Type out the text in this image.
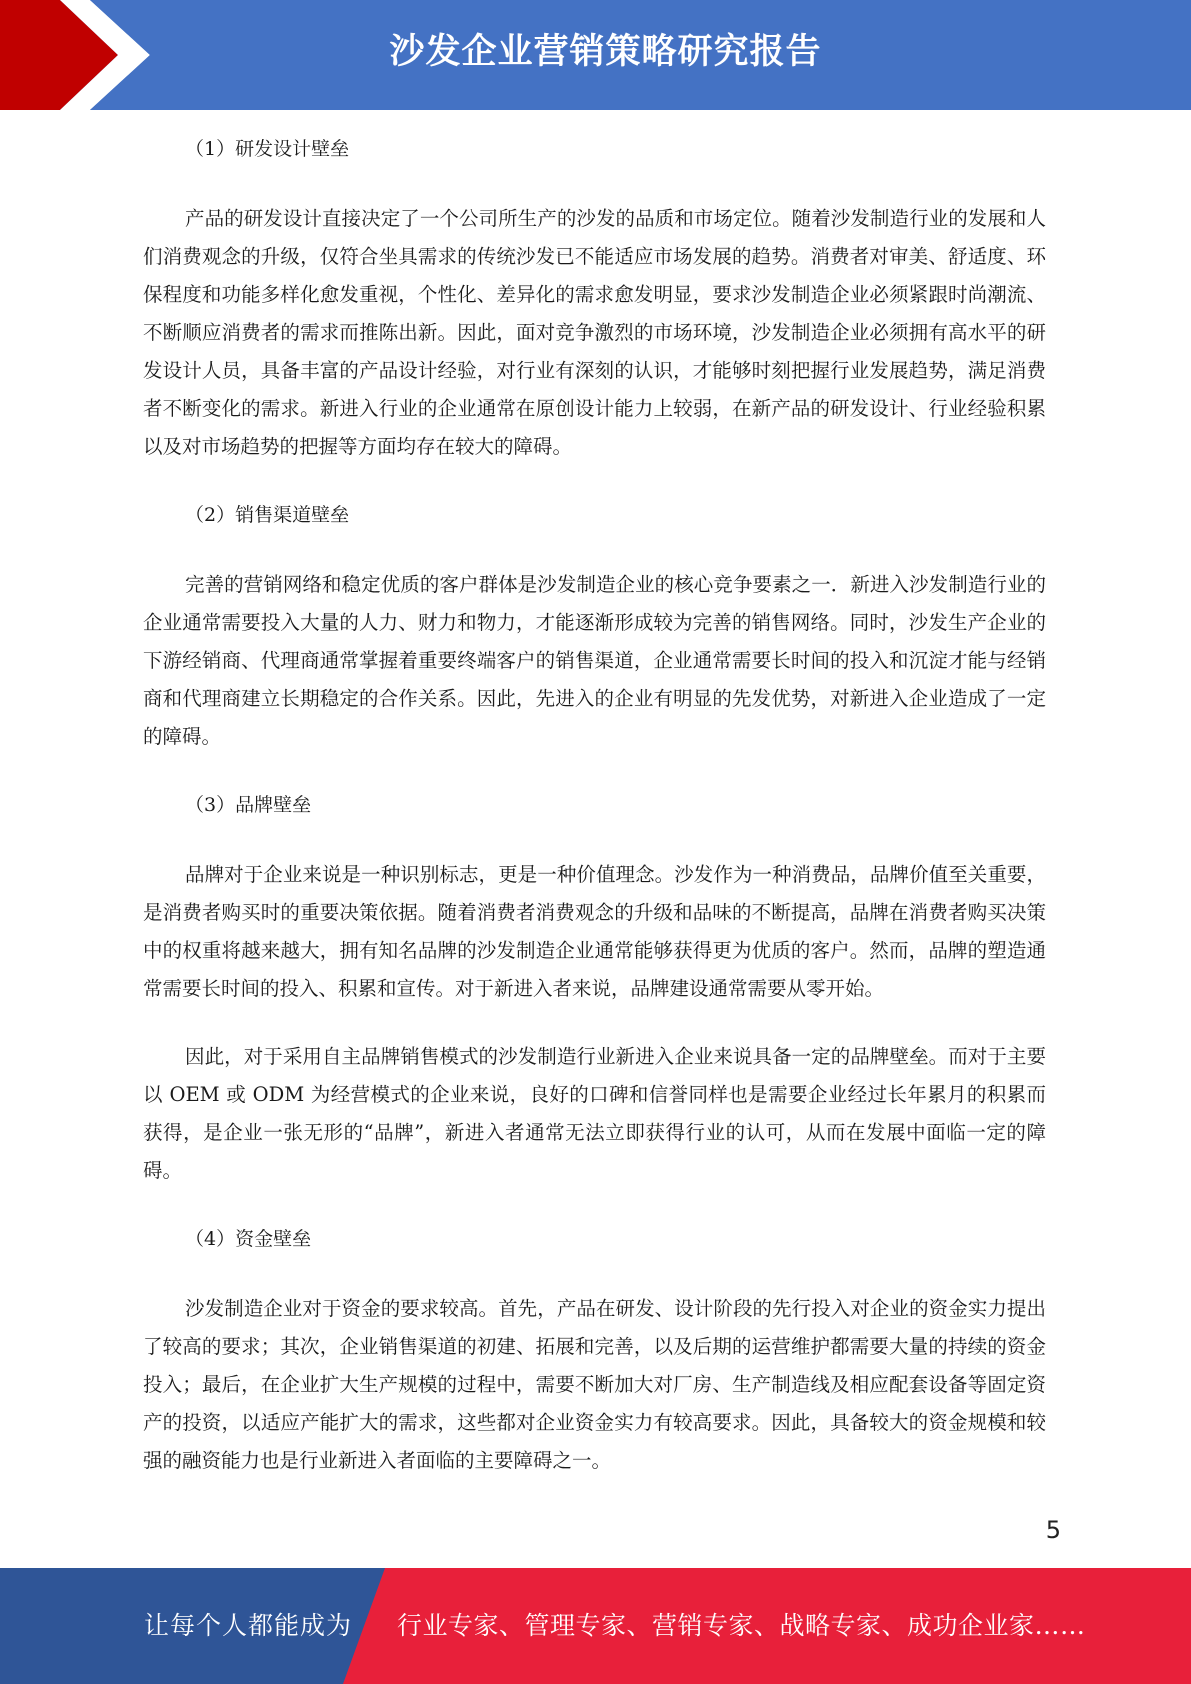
沙发企业营销策略研究报告
（1）研发设计壁垒

产品的研发设计直接决定了一个公司所生产的沙发的品质和市场定位。随着沙发制造行业的发展和人们消费观念的升级，仅符合坐具需求的传统沙发已不能适应市场发展的趋势。消费者对审美、舒适度、环保程度和功能多样化愈发重视，个性化、差异化的需求愈发明显，要求沙发制造企业必须紧跟时尚潮流、不断顺应消费者的需求而推陈出新。因此，面对竞争激烈的市场环境，沙发制造企业必须拥有高水平的研发设计人员，具备丰富的产品设计经验，对行业有深刻的认识，才能够时刻把握行业发展趋势，满足消费者不断变化的需求。新进入行业的企业通常在原创设计能力上较弱，在新产品的研发设计、行业经验积累以及对市场趋势的把握等方面均存在较大的障碍。

（2）销售渠道壁垒

完善的营销网络和稳定优质的客户群体是沙发制造企业的核心竞争要素之一．新进入沙发制造行业的企业通常需要投入大量的人力、财力和物力，才能逐渐形成较为完善的销售网络。同时，沙发生产企业的下游经销商、代理商通常掌握着重要终端客户的销售渠道，企业通常需要长时间的投入和沉淀才能与经销商和代理商建立长期稳定的合作关系。因此，先进入的企业有明显的先发优势，对新进入企业造成了一定的障碍。

（3）品牌壁垒

品牌对于企业来说是一种识别标志，更是一种价值理念。沙发作为一种消费品，品牌价值至关重要，是消费者购买时的重要决策依据。随着消费者消费观念的升级和品味的不断提高，品牌在消费者购买决策中的权重将越来越大，拥有知名品牌的沙发制造企业通常能够获得更为优质的客户。然而，品牌的塑造通常需要长时间的投入、积累和宣传。对于新进入者来说，品牌建设通常需要从零开始。

因此，对于采用自主品牌销售模式的沙发制造行业新进入企业来说具备一定的品牌壁垒。而对于主要以 OEM 或 ODM 为经营模式的企业来说，良好的口碑和信誉同样也是需要企业经过长年累月的积累而获得，是企业一张无形的“品牌”，新进入者通常无法立即获得行业的认可，从而在发展中面临一定的障碍。

（4）资金壁垒

沙发制造企业对于资金的要求较高。首先，产品在研发、设计阶段的先行投入对企业的资金实力提出了较高的要求；其次，企业销售渠道的初建、拓展和完善，以及后期的运营维护都需要大量的持续的资金投入；最后，在企业扩大生产规模的过程中，需要不断加大对厂房、生产制造线及相应配套设备等固定资产的投资，以适应产能扩大的需求，这些都对企业资金实力有较高要求。因此，具备较大的资金规模和较强的融资能力也是行业新进入者面临的主要障碍之一。

5
让每个人都能成为 行业专家、管理专家、营销专家、战略专家、成功企业家……
